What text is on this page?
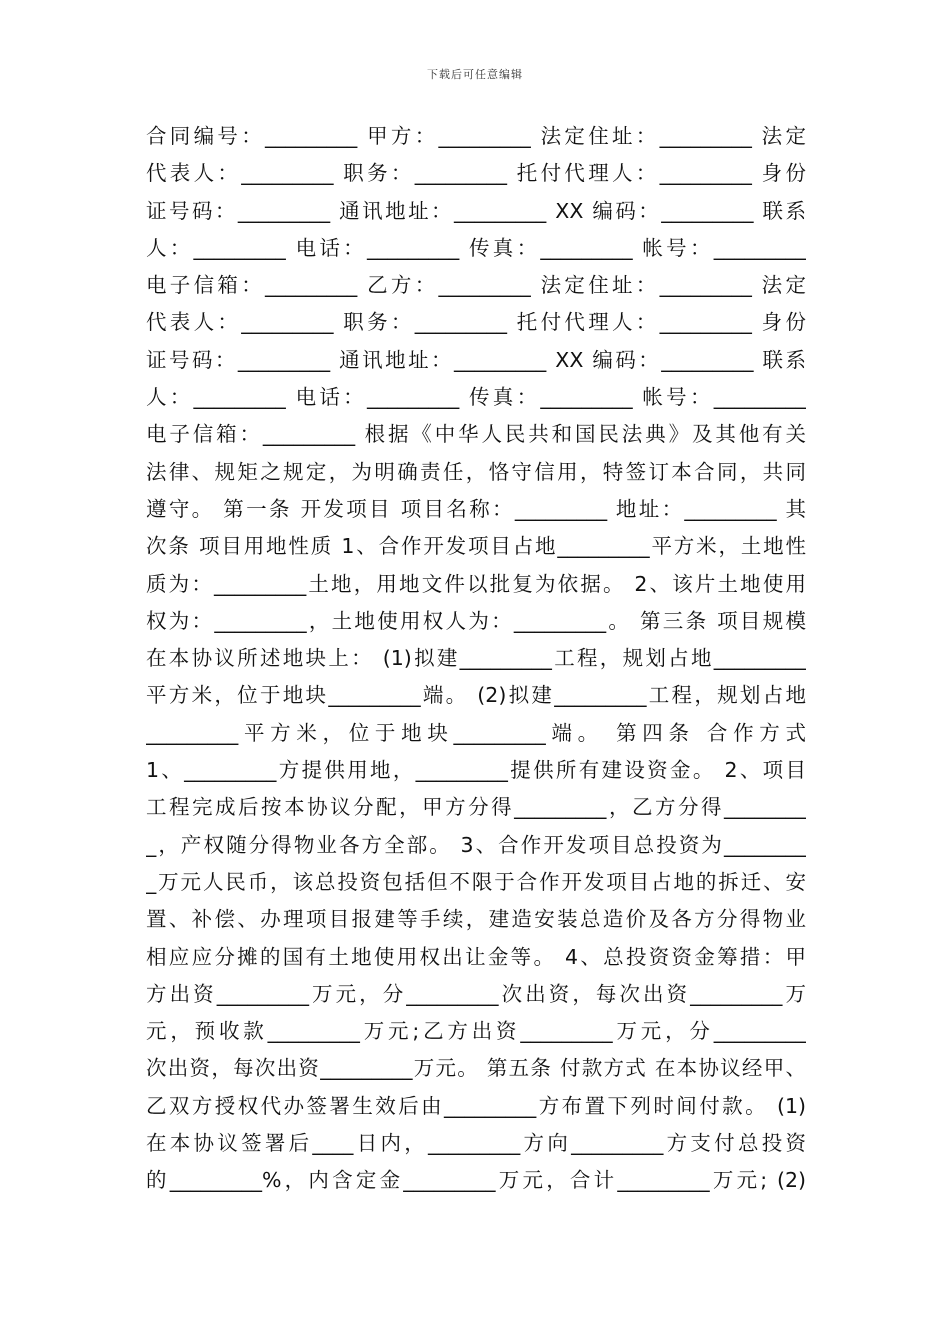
下载后可任意编辑
合同编号：_________ 甲方：_________ 法定住址：_________ 法定
代表人：_________ 职务：_________ 托付代理人：_________ 身份
证号码：_________ 通讯地址：_________ XX 编码：_________ 联系
人：_________ 电话：_________ 传真：_________ 帐号：_________
电子信箱：_________ 乙方：_________ 法定住址：_________ 法定
代表人：_________ 职务：_________ 托付代理人：_________ 身份
证号码：_________ 通讯地址：_________ XX 编码：_________ 联系
人：_________ 电话：_________ 传真：_________ 帐号：_________
电子信箱：_________ 根据《中华人民共和国民法典》及其他有关
法律、规矩之规定，为明确责任，恪守信用，特签订本合同，共同
遵守。 第一条 开发项目 项目名称：_________ 地址：_________ 其
次条 项目用地性质 1、合作开发项目占地_________平方米，土地性
质为：_________土地，用地文件以批复为依据。 2、该片土地使用
权为：_________，土地使用权人为：_________。 第三条 项目规模
在本协议所述地块上： (1)拟建_________工程，规划占地_________
平方米，位于地块_________端。 (2)拟建_________工程，规划占地
_________平方米，位于地块_________端。 第四条 合作方式
1、_________方提供用地，_________提供所有建设资金。 2、项目
工程完成后按本协议分配，甲方分得_________，乙方分得________
_，产权随分得物业各方全部。 3、合作开发项目总投资为________
_万元人民币，该总投资包括但不限于合作开发项目占地的拆迁、安
置、补偿、办理项目报建等手续，建造安装总造价及各方分得物业
相应应分摊的国有土地使用权出让金等。 4、总投资资金筹措：甲
方出资_________万元，分_________次出资，每次出资_________万
元，预收款_________万元;乙方出资_________万元，分_________
次出资，每次出资_________万元。 第五条 付款方式 在本协议经甲、
乙双方授权代办签署生效后由_________方布置下列时间付款。 (1)
在本协议签署后____日内，_________方向_________方支付总投资
的_________%，内含定金_________万元，合计_________万元; (2)
